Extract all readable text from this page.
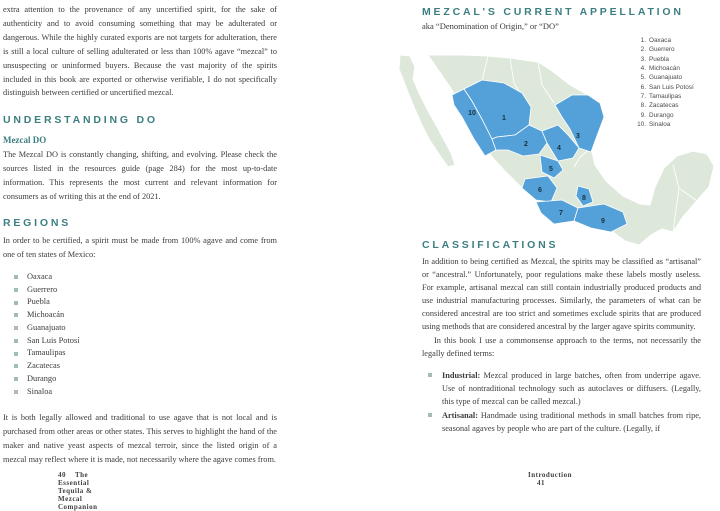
extra attention to the provenance of any uncertified spirit, for the sake of authenticity and to avoid consuming something that may be adulterated or dangerous. While the highly curated exports are not targets for adulteration, there is still a local culture of selling adulterated or less than 100% agave “mezcal” to unsuspecting or uninformed buyers. Because the vast majority of the spirits included in this book are exported or otherwise verifiable, I do not specifically distinguish between certified or uncertified mezcal.

UNDERSTANDING DO
Mezcal DO

The Mezcal DO is constantly changing, shifting, and evolving. Please check the sources listed in the resources guide (page 284) for the most up-to-date information. This represents the most current and relevant information for consumers as of writing this at the end of 2021.

REGIONS

In order to be certified, a spirit must be made from 100% agave and come from one of ten states of Mexico:

Oaxaca
Guerrero
Puebla
Michoacán
Guanajuato
San Luis Potosí
Tamaulipas
Zacatecas
Durango
Sinaloa

It is both legally allowed and traditional to use agave that is not local and is purchased from other areas or other states. This serves to highlight the hand of the maker and native yeast aspects of mezcal terroir, since the listed origin of a mezcal may reflect where it is made, not necessarily where the agave comes from.

40 The Essential Tequila & Mezcal Companion
MEZCAL'S CURRENT APPELLATION
aka “Denomination of Origin,” or “DO”
1. Oaxaca
2. Guerrero
3. Puebla
4. Michoacán
5. Guanajuato
6. San Luis Potosí
7. Tamaulipas
8. Zacatecas
9. Durango
10. Sinaloa
10
1
2
3
4
5
6
7
8
9
CLASSIFICATIONS

In addition to being certified as Mezcal, the spirits may be classified as “artisanal” or “ancestral.” Unfortunately, poor regulations make these labels mostly useless. For example, artisanal mezcal can still contain industrially produced products and use industrial manufacturing processes. Similarly, the parameters of what can be considered ancestral are too strict and sometimes exclude spirits that are produced using methods that are considered ancestral by the larger agave spirits community.

In this book I use a commonsense approach to the terms, not necessarily the legally defined terms:

Industrial: Mezcal produced in large batches, often from underripe agave. Use of nontraditional technology such as autoclaves or diffusers. (Legally, this type of mezcal can be called mezcal.)
Artisanal: Handmade using traditional methods in small batches from ripe, seasonal agaves by people who are part of the culture. (Legally, if
Introduction41
